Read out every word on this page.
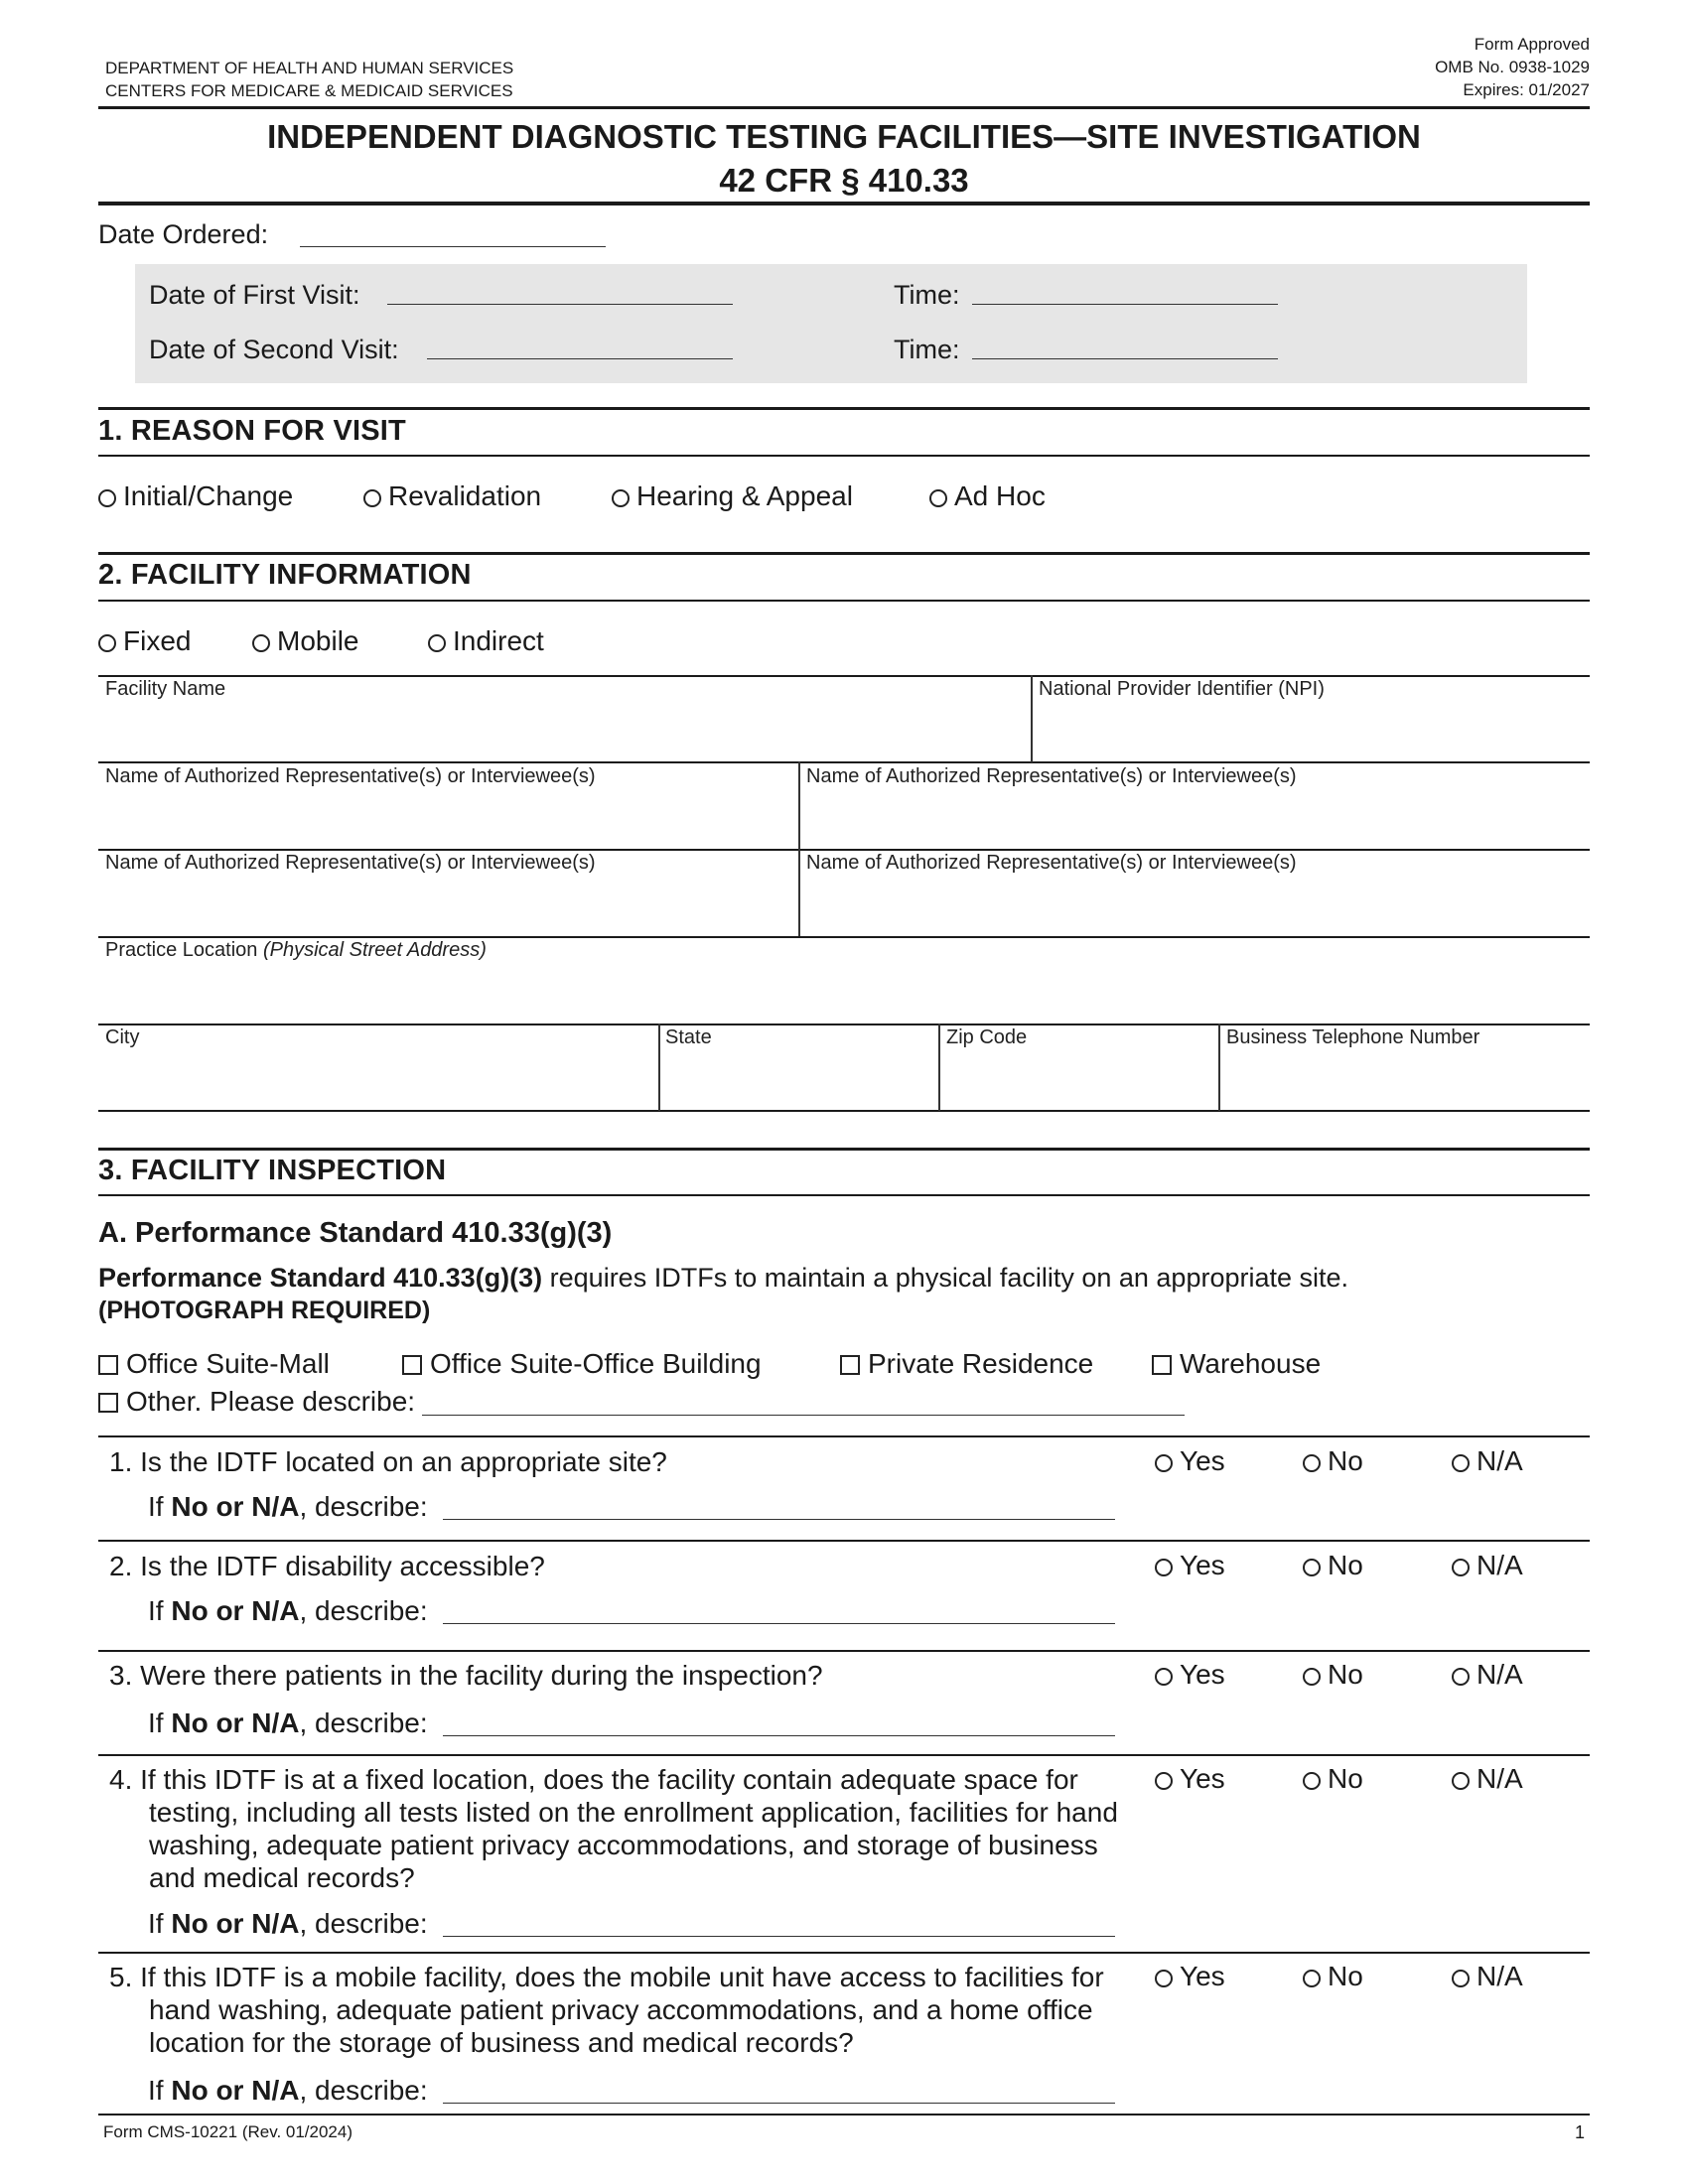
DEPARTMENT OF HEALTH AND HUMAN SERVICES
CENTERS FOR MEDICARE & MEDICAID SERVICES
Form Approved
OMB No. 0938-1029
Expires: 01/2027
INDEPENDENT DIAGNOSTIC TESTING FACILITIES—SITE INVESTIGATION
42 CFR § 410.33
Date Ordered:
Date of First Visit:	Time:
Date of Second Visit:	Time:
1. REASON FOR VISIT
Initial/Change	Revalidation	Hearing & Appeal	Ad Hoc
2. FACILITY INFORMATION
Fixed	Mobile	Indirect
Facility Name	National Provider Identifier (NPI)
Name of Authorized Representative(s) or Interviewee(s)	Name of Authorized Representative(s) or Interviewee(s)
Name of Authorized Representative(s) or Interviewee(s)	Name of Authorized Representative(s) or Interviewee(s)
Practice Location (Physical Street Address)
City	State	Zip Code	Business Telephone Number
3. FACILITY INSPECTION
A. Performance Standard 410.33(g)(3)
Performance Standard 410.33(g)(3) requires IDTFs to maintain a physical facility on an appropriate site.
(PHOTOGRAPH REQUIRED)
Office Suite-Mall	Office Suite-Office Building	Private Residence	Warehouse
Other. Please describe:
1. Is the IDTF located on an appropriate site?	Yes	No	N/A
If No or N/A, describe:
2. Is the IDTF disability accessible?	Yes	No	N/A
If No or N/A, describe:
3. Were there patients in the facility during the inspection?	Yes	No	N/A
If No or N/A, describe:
4. If this IDTF is at a fixed location, does the facility contain adequate space for testing, including all tests listed on the enrollment application, facilities for hand washing, adequate patient privacy accommodations, and storage of business and medical records?
Yes	No	N/A
If No or N/A, describe:
5. If this IDTF is a mobile facility, does the mobile unit have access to facilities for hand washing, adequate patient privacy accommodations, and a home office location for the storage of business and medical records?
Yes	No	N/A
If No or N/A, describe:
Form CMS-10221 (Rev. 01/2024)	1
